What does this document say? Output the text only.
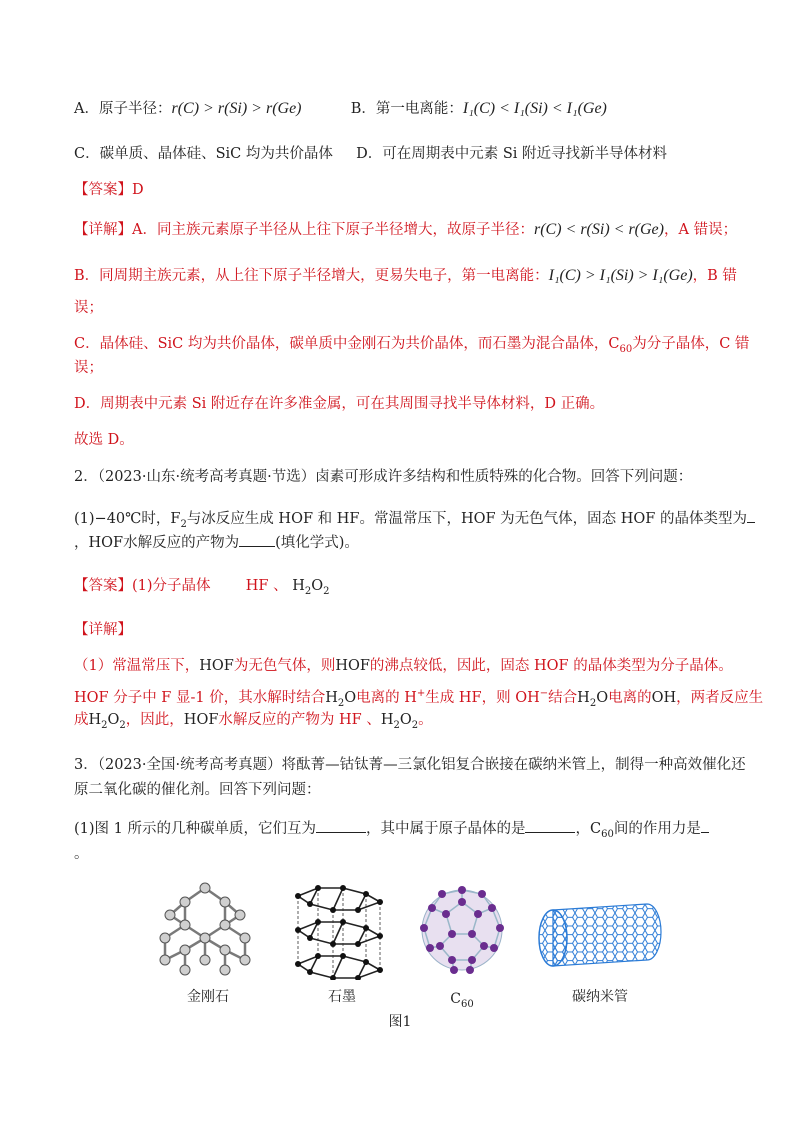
A．原子半径：r(C) > r(Si) > r(Ge)	B．第一电离能：I₁(C) < I₁(Si) < I₁(Ge)
C．碳单质、晶体硅、SiC 均为共价晶体 D．可在周期表中元素 Si 附近寻找新半导体材料
【答案】D
【详解】A．同主族元素原子半径从上往下原子半径增大，故原子半径：r(C) < r(Si) < r(Ge)，A 错误；
B．同周期主族元素，从上往下原子半径增大，更易失电子，第一电离能：I₁(C) > I₁(Si) > I₁(Ge)，B 错
误；
C．晶体硅、SiC 均为共价晶体，碳单质中金刚石为共价晶体，而石墨为混合晶体，$C_{60}$为分子晶体，C 错
误；
D．周期表中元素 Si 附近存在许多准金属，可在其周围寻找半导体材料，D 正确。
故选 D。
2．（2023·山东·统考高考真题·节选）卤素可形成许多结构和性质特殊的化合物。回答下列问题：
(1)−40℃时，$F_2$与冰反应生成 HOF 和 HF。常温常压下，HOF 为无色气体，固态 HOF 的晶体类型为
，HOF水解反应的产物为 (填化学式)。
【答案】(1)分子晶体 HF 、 $H_2O_2$
【详解】
（1）常温常压下，HOF为无色气体，则HOF的沸点较低，因此，固态 HOF 的晶体类型为分子晶体。
HOF 分子中 F 显-1 价，其水解时结合$H_2O$电离的 H+生成 HF，则 OH−结合$H_2O$电离的OH，两者反应生
成$H_2O_2$，因此，HOF水解反应的产物为 HF 、$H_2O_2$。
3．（2023·全国·统考高考真题）将酞菁—钴钛菁—三氯化铝复合嵌接在碳纳米管上，制得一种高效催化还
原二氧化碳的催化剂。回答下列问题：
(1)图 1 所示的几种碳单质，它们互为	，其中属于原子晶体的是	，$C_{60}$间的作用力是
。
金刚石	石墨	$C_{60}$	碳纳米管
图1
